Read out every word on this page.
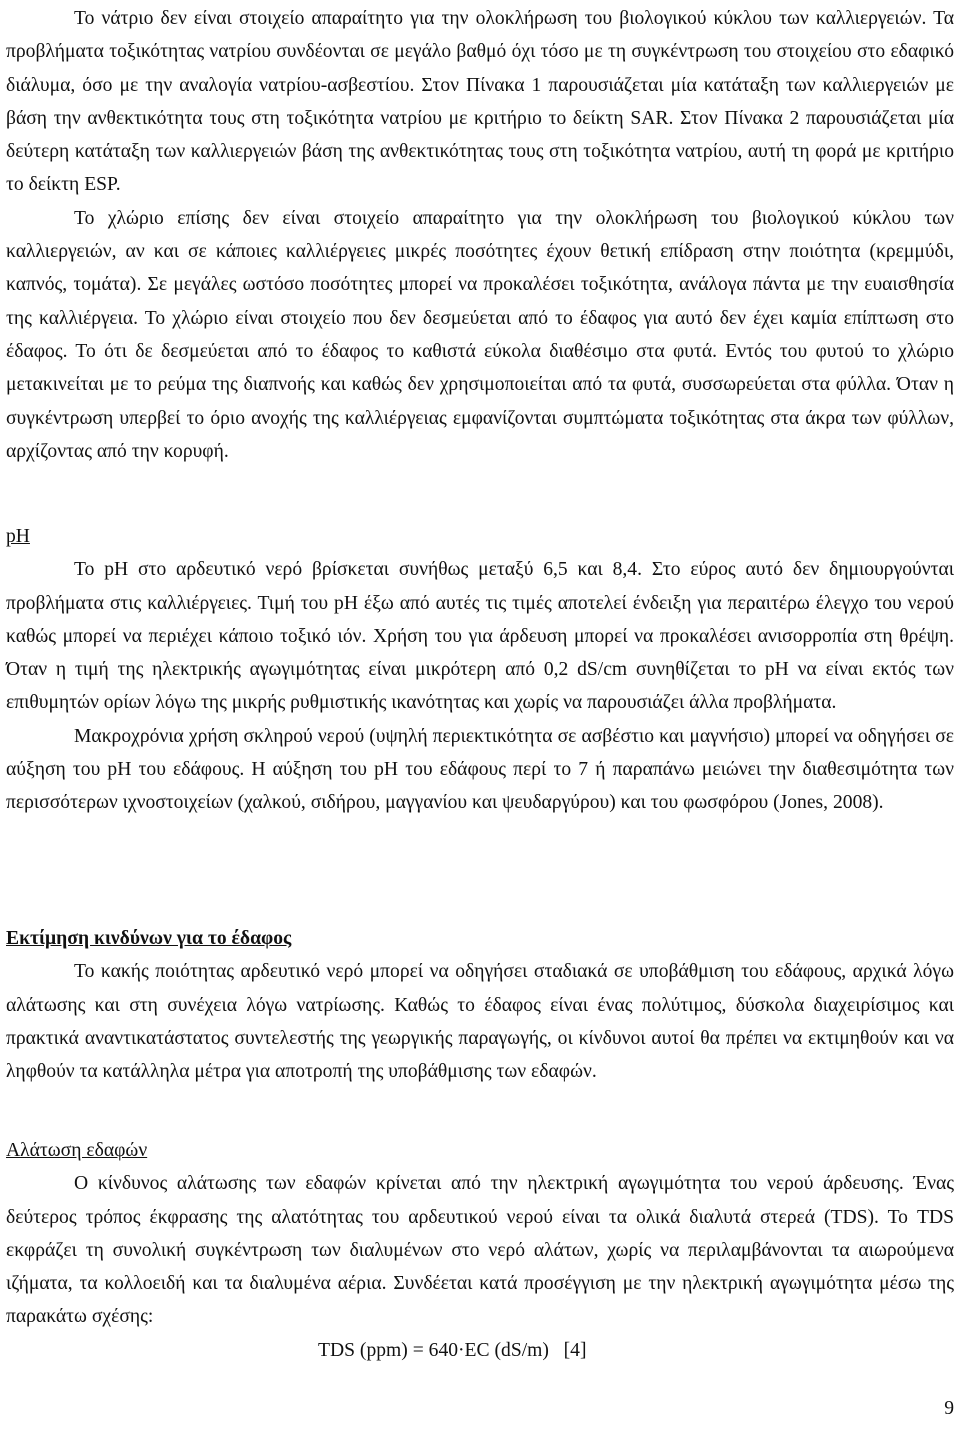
Το νάτριο δεν είναι στοιχείο απαραίτητο για την ολοκλήρωση του βιολογικού κύκλου των καλλιεργειών. Τα προβλήματα τοξικότητας νατρίου συνδέονται σε μεγάλο βαθμό όχι τόσο με τη συγκέντρωση του στοιχείου στο εδαφικό διάλυμα, όσο με την αναλογία νατρίου-ασβεστίου. Στον Πίνακα 1 παρουσιάζεται μία κατάταξη των καλλιεργειών με βάση την ανθεκτικότητα τους στη τοξικότητα νατρίου με κριτήριο το δείκτη SAR. Στον Πίνακα 2 παρουσιάζεται μία δεύτερη κατάταξη των καλλιεργειών βάση της ανθεκτικότητας τους στη τοξικότητα νατρίου, αυτή τη φορά με κριτήριο το δείκτη ESP.

Το χλώριο επίσης δεν είναι στοιχείο απαραίτητο για την ολοκλήρωση του βιολογικού κύκλου των καλλιεργειών, αν και σε κάποιες καλλιέργειες μικρές ποσότητες έχουν θετική επίδραση στην ποιότητα (κρεμμύδι, καπνός, τομάτα). Σε μεγάλες ωστόσο ποσότητες μπορεί να προκαλέσει τοξικότητα, ανάλογα πάντα με την ευαισθησία της καλλιέργεια. Το χλώριο είναι στοιχείο που δεν δεσμεύεται από το έδαφος για αυτό δεν έχει καμία επίπτωση στο έδαφος. Το ότι δε δεσμεύεται από το έδαφος το καθιστά εύκολα διαθέσιμο στα φυτά. Εντός του φυτού το χλώριο μετακινείται με το ρεύμα της διαπνοής και καθώς δεν χρησιμοποιείται από τα φυτά, συσσωρεύεται στα φύλλα. Όταν η συγκέντρωση υπερβεί το όριο ανοχής της καλλιέργειας εμφανίζονται συμπτώματα τοξικότητας στα άκρα των φύλλων, αρχίζοντας από την κορυφή.

pH

Το pH στο αρδευτικό νερό βρίσκεται συνήθως μεταξύ 6,5 και 8,4. Στο εύρος αυτό δεν δημιουργούνται προβλήματα στις καλλιέργειες. Τιμή του pH έξω από αυτές τις τιμές αποτελεί ένδειξη για περαιτέρω έλεγχο του νερού καθώς μπορεί να περιέχει κάποιο τοξικό ιόν. Χρήση του για άρδευση μπορεί να προκαλέσει ανισορροπία στη θρέψη. Όταν η τιμή της ηλεκτρικής αγωγιμότητας είναι μικρότερη από 0,2 dS/cm συνηθίζεται το pH να είναι εκτός των επιθυμητών ορίων λόγω της μικρής ρυθμιστικής ικανότητας και χωρίς να παρουσιάζει άλλα προβλήματα.

Μακροχρόνια χρήση σκληρού νερού (υψηλή περιεκτικότητα σε ασβέστιο και μαγνήσιο) μπορεί να οδηγήσει σε αύξηση του pH του εδάφους. Η αύξηση του pH του εδάφους περί το 7 ή παραπάνω μειώνει την διαθεσιμότητα των περισσότερων ιχνοστοιχείων (χαλκού, σιδήρου, μαγγανίου και ψευδαργύρου) και του φωσφόρου (Jones, 2008).

Εκτίμηση κινδύνων για το έδαφος

Το κακής ποιότητας αρδευτικό νερό μπορεί να οδηγήσει σταδιακά σε υποβάθμιση του εδάφους, αρχικά λόγω αλάτωσης και στη συνέχεια λόγω νατρίωσης. Καθώς το έδαφος είναι ένας πολύτιμος, δύσκολα διαχειρίσιμος και πρακτικά αναντικατάστατος συντελεστής της γεωργικής παραγωγής, οι κίνδυνοι αυτοί θα πρέπει να εκτιμηθούν και να ληφθούν τα κατάλληλα μέτρα για αποτροπή της υποβάθμισης των εδαφών.

Αλάτωση εδαφών

Ο κίνδυνος αλάτωσης των εδαφών κρίνεται από την ηλεκτρική αγωγιμότητα του νερού άρδευσης. Ένας δεύτερος τρόπος έκφρασης της αλατότητας του αρδευτικού νερού είναι τα ολικά διαλυτά στερεά (TDS). Το TDS εκφράζει τη συνολική συγκέντρωση των διαλυμένων στο νερό αλάτων, χωρίς να περιλαμβάνονται τα αιωρούμενα ιζήματα, τα κολλοειδή και τα διαλυμένα αέρια. Συνδέεται κατά προσέγγιση με την ηλεκτρική αγωγιμότητα μέσω της παρακάτω σχέσης:

TDS (ppm) = 640·EC (dS/m)   [4]

9
